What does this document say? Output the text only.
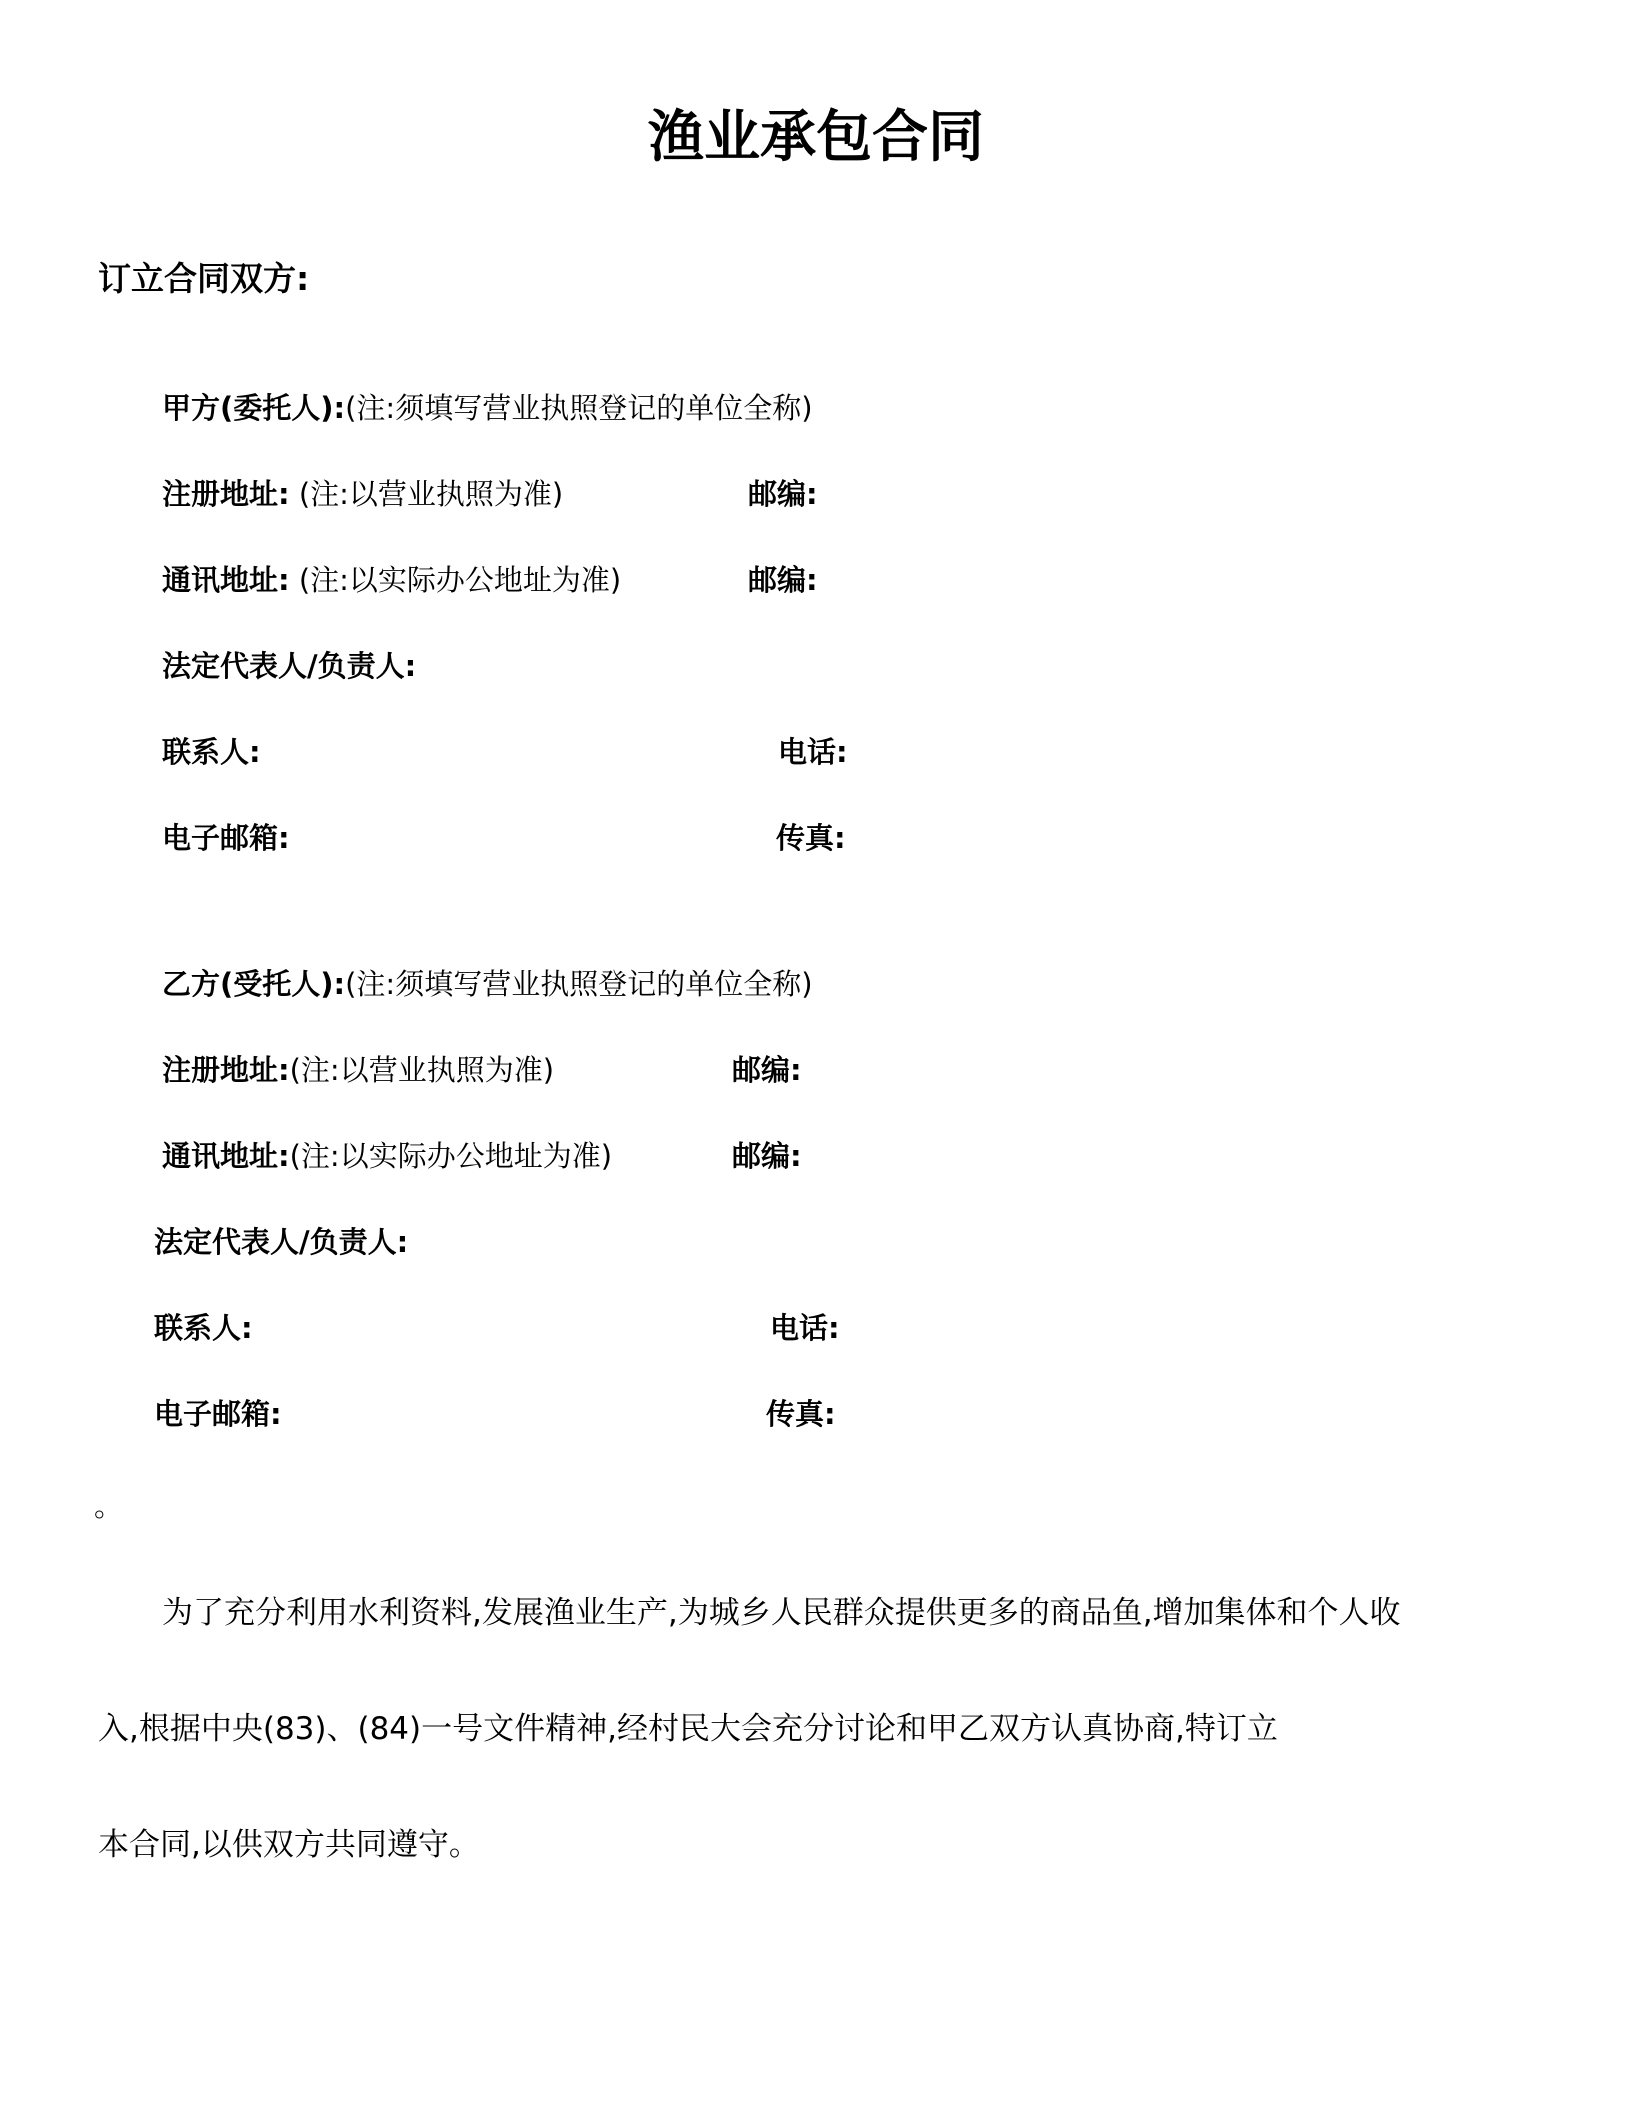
渔业承包合同
订立合同双方:
甲方(委托人):(注:须填写营业执照登记的单位全称)
注册地址: (注:以营业执照为准)	邮编:
通讯地址: (注:以实际办公地址为准)	邮编:
法定代表人/负责人:
联系人:	电话:
电子邮箱:	传真:
乙方(受托人):(注:须填写营业执照登记的单位全称)
注册地址:(注:以营业执照为准)	邮编:
通讯地址:(注:以实际办公地址为准)	邮编:
法定代表人/负责人:
联系人:	电话:
电子邮箱:	传真:
。
为了充分利用水利资料,发展渔业生产,为城乡人民群众提供更多的商品鱼,增加集体和个人收
入,根据中央(83)、(84)一号文件精神,经村民大会充分讨论和甲乙双方认真协商,特订立
本合同,以供双方共同遵守。
